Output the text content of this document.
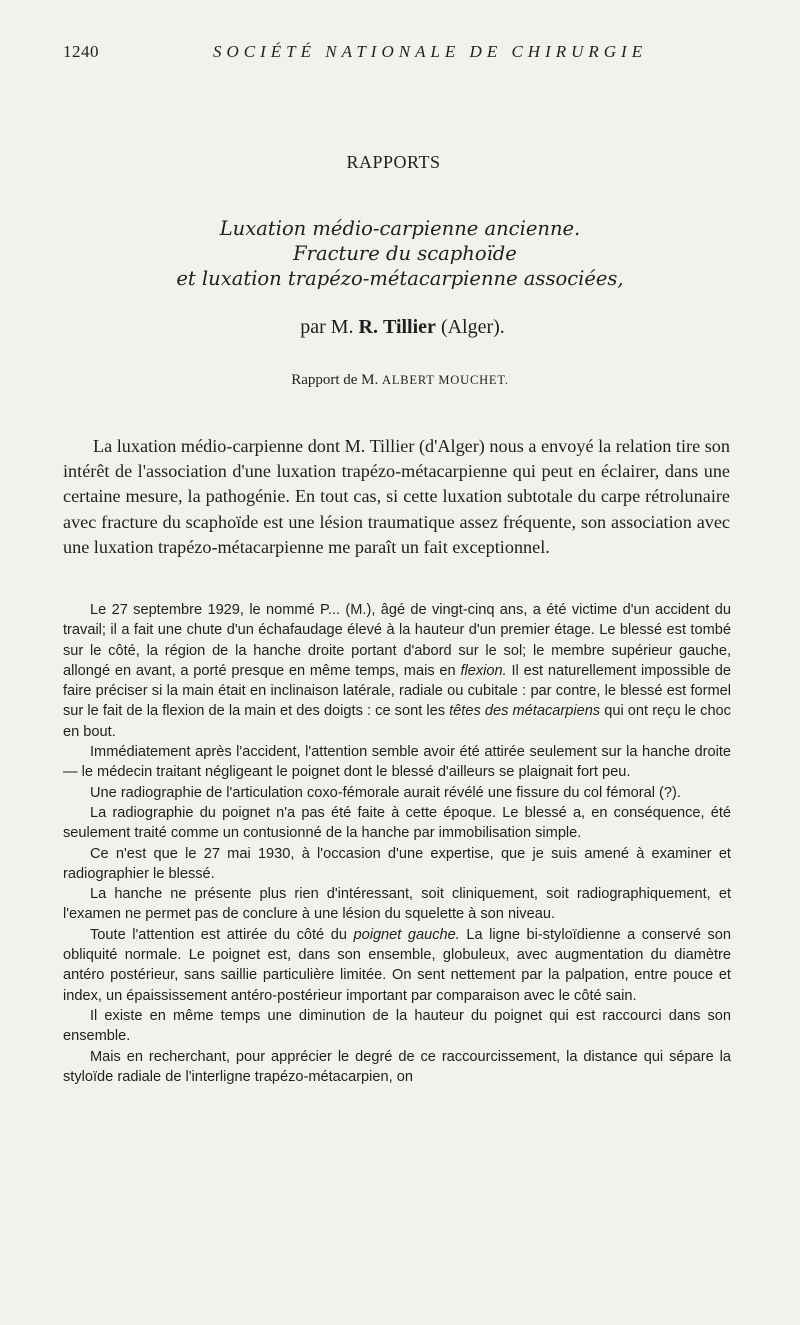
1240	SOCIÉTÉ NATIONALE DE CHIRURGIE
RAPPORTS
Luxation médio-carpienne ancienne.
Fracture du scaphoïde
et luxation trapézo-métacarpienne associées,
par M. R. Tillier (Alger).
Rapport de M. ALBERT MOUCHET.

La luxation médio-carpienne dont M. Tillier (d'Alger) nous a envoyé la relation tire son intérêt de l'association d'une luxation trapézo-métacarpienne qui peut en éclairer, dans une certaine mesure, la pathogénie. En tout cas, si cette luxation subtotale du carpe rétrolunaire avec fracture du scaphoïde est une lésion traumatique assez fréquente, son association avec une luxation trapézo-métacarpienne me paraît un fait exceptionnel.

Le 27 septembre 1929, le nommé P... (M.), âgé de vingt-cinq ans, a été victime d'un accident du travail; il a fait une chute d'un échafaudage élevé à la hauteur d'un premier étage. Le blessé est tombé sur le côté, la région de la hanche droite portant d'abord sur le sol; le membre supérieur gauche, allongé en avant, a porté presque en même temps, mais en flexion. Il est naturellement impossible de faire préciser si la main était en inclinaison latérale, radiale ou cubitale : par contre, le blessé est formel sur le fait de la flexion de la main et des doigts : ce sont les têtes des métacarpiens qui ont reçu le choc en bout.

Immédiatement après l'accident, l'attention semble avoir été attirée seulement sur la hanche droite — le médecin traitant négligeant le poignet dont le blessé d'ailleurs se plaignait fort peu.

Une radiographie de l'articulation coxo-fémorale aurait révélé une fissure du col fémoral (?).

La radiographie du poignet n'a pas été faite à cette époque. Le blessé a, en conséquence, été seulement traité comme un contusionné de la hanche par immobilisation simple.

Ce n'est que le 27 mai 1930, à l'occasion d'une expertise, que je suis amené à examiner et radiographier le blessé.

La hanche ne présente plus rien d'intéressant, soit cliniquement, soit radiographiquement, et l'examen ne permet pas de conclure à une lésion du squelette à son niveau.

Toute l'attention est attirée du côté du poignet gauche. La ligne bi-styloïdienne a conservé son obliquité normale. Le poignet est, dans son ensemble, globuleux, avec augmentation du diamètre antéro postérieur, sans saillie particulière limitée. On sent nettement par la palpation, entre pouce et index, un épaississement antéro-postérieur important par comparaison avec le côté sain.

Il existe en même temps une diminution de la hauteur du poignet qui est raccourci dans son ensemble.

Mais en recherchant, pour apprécier le degré de ce raccourcissement, la distance qui sépare la styloïde radiale de l'interligne trapézo-métacarpien, on
